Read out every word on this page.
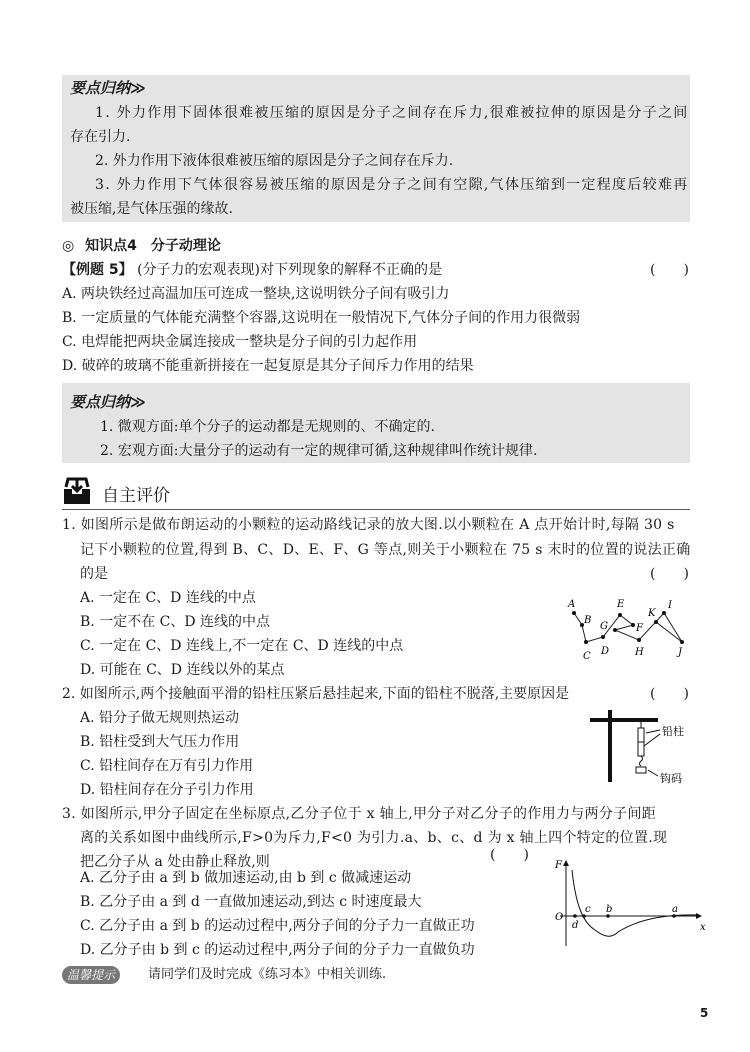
要点归纳≫
1. 外力作用下固体很难被压缩的原因是分子之间存在斥力,很难被拉伸的原因是分子之间
存在引力.
2. 外力作用下液体很难被压缩的原因是分子之间存在斥力.
3. 外力作用下气体很容易被压缩的原因是分子之间有空隙,气体压缩到一定程度后较难再
被压缩,是气体压强的缘故.
◎ 知识点4　分子动理论
【例题 5】 (分子力的宏观表现)对下列现象的解释不正确的是	(　　)
A. 两块铁经过高温加压可连成一整块,这说明铁分子间有吸引力
B. 一定质量的气体能充满整个容器,这说明在一般情况下,气体分子间的作用力很微弱
C. 电焊能把两块金属连接成一整块是分子间的引力起作用
D. 破碎的玻璃不能重新拼接在一起复原是其分子间斥力作用的结果
要点归纳≫
1. 微观方面:单个分子的运动都是无规则的、不确定的.
2. 宏观方面:大量分子的运动有一定的规律可循,这种规律叫作统计规律.
自主评价
1. 如图所示是做布朗运动的小颗粒的运动路线记录的放大图.以小颗粒在 A 点开始计时,每隔 30 s
记下小颗粒的位置,得到 B、C、D、E、F、G 等点,则关于小颗粒在 75 s 末时的位置的说法正确
的是	(　　)
A. 一定在 C、D 连线的中点
B. 一定不在 C、D 连线的中点
C. 一定在 C、D 连线上,不一定在 C、D 连线的中点
D. 可能在 C、D 连线以外的某点
A
B
C D
E
F
G
H
I
J
K
2. 如图所示,两个接触面平滑的铅柱压紧后悬挂起来,下面的铅柱不脱落,主要原因是	(　　)
A. 铅分子做无规则热运动
B. 铅柱受到大气压力作用
C. 铅柱间存在万有引力作用
D. 铅柱间存在分子引力作用
铅柱
钩码
3. 如图所示,甲分子固定在坐标原点,乙分子位于 x 轴上,甲分子对乙分子的作用力与两分子间距
离的关系如图中曲线所示,F>0为斥力,F<0 为引力.a、b、c、d 为 x 轴上四个特定的位置.现
把乙分子从 a 处由静止释放,则	(　　)
A. 乙分子由 a 到 b 做加速运动,由 b 到 c 做减速运动
B. 乙分子由 a 到 d 一直做加速运动,到达 c 时速度最大
C. 乙分子由 a 到 b 的运动过程中,两分子间的分子力一直做正功
D. 乙分子由 b 到 c 的运动过程中,两分子间的分子力一直做负功
F
O
x
a
b
c
d
温馨提示	请同学们及时完成《练习本》中相关训练.
5
